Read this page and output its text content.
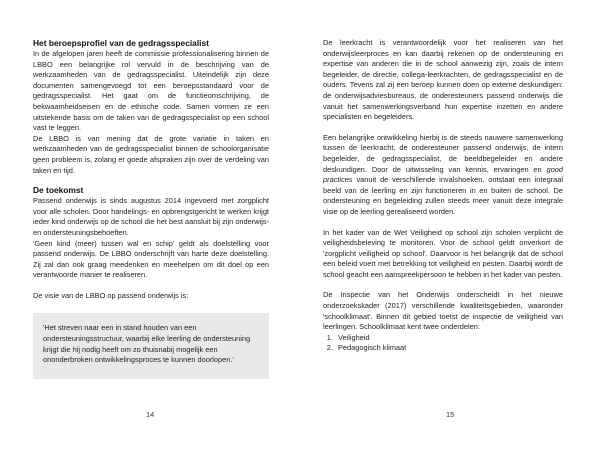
Het beroepsprofiel van de gedragsspecialist

In de afgelopen jaren heeft de commissie professionalisering binnen de LBBO een belangrijke rol vervuld in de beschrijving van de werkzaamheden van de gedragsspecialist. Uiteindelijk zijn deze documenten samengevoegd tot een beroepsstandaard voor de gedragsspecialist. Het gaat om de functieomschrijving, de bekwaamheidseisen en de ethische code. Samen vormen ze een uitstekende basis om de taken van de gedragsspecialist op een school vast te leggen.

De LBBO is van mening dat de grote variatie in taken en werkzaamheden van de gedragsspecialist binnen de schoolorganisatie geen probleem is, zolang er goede afspraken zijn over de verdeling van taken en tijd.

De toekomst

Passend onderwijs is sinds augustus 2014 ingevoerd met zorgplicht voor alle scholen. Door handelings- en opbrengstgericht te werken krijgt ieder kind onderwijs op de school die het best aansluit bij zijn onderwijs- en ondersteuningsbehoeften.

'Geen kind (meer) tussen wal en schip' geldt als doelstelling voor passend onderwijs. De LBBO onderschrijft van harte deze doelstelling. Zij zal dan ook graag meedenken en meehelpen om dit doel op een verantwoorde manier te realiseren.

De visie van de LBBO op passend onderwijs is:

'Het streven naar een in stand houden van een ondersteuningsstructuur, waarbij elke leerling de ondersteuning krijgt die hij nodig heeft om zo thuisnabij mogelijk een ononderbroken ontwikkelingsproces te kunnen doorlopen.'
14

De leerkracht is verantwoordelijk voor het realiseren van het onderwijsleerproces en kan daarbij rekenen op de ondersteuning en expertise van anderen die in de school aanwezig zijn, zoals de intern begeleider, de directie, collega-leerkrachten, de gedragsspecialist en de ouders. Tevens zal zij een beroep kunnen doen op externe deskundigen: de onderwijsadviesbureaus, de onderesteuners passend onderwijs die vanuit het samenwerkingsverband hun expertise inzetten en andere specialisten en begeleiders.

Een belangrijke ontwikkeling hierbij is de steeds nauwere samenwerking tussen de leerkracht, de onderesteuner passend onderwijs, de intern begeleider, de gedragsspecialist, de beeldbegeleider en andere deskundigen. Door de uitwisseling van kennis, ervaringen en good practices vanuit de verschillende invalshoeken, ontstaat een integraal beeld van de leerling en zijn functioneren in en buiten de school. De ondersteuning en begeleiding zullen steeds meer vanuit deze integrale visie op de leerling gerealiseerd worden.

In het kader van de Wet Veiligheid op school zijn scholen verplicht de veiligheidsbeleving te monitoren. Voor de school geldt onverkort de 'zorgplicht veiligheid op school'. Daarvoor is het belangrijk dat de school een beleid voert met betrekking tot veiligheid en pesten. Daarbij wordt de school geacht een aanspreekpersoon te hebben in het kader van pesten.

De Inspectie van het Onderwijs onderscheidt in het nieuwe onderzoekskader (2017) verschillende kwaliteitsgebieden, waaronder 'schoolklimaat'. Binnen dit gebied toetst de inspectie de veiligheid van leerlingen. Schoolklimaat kent twee onderdelen:

1. Veiligheid
2. Pedagogisch klimaat
15
